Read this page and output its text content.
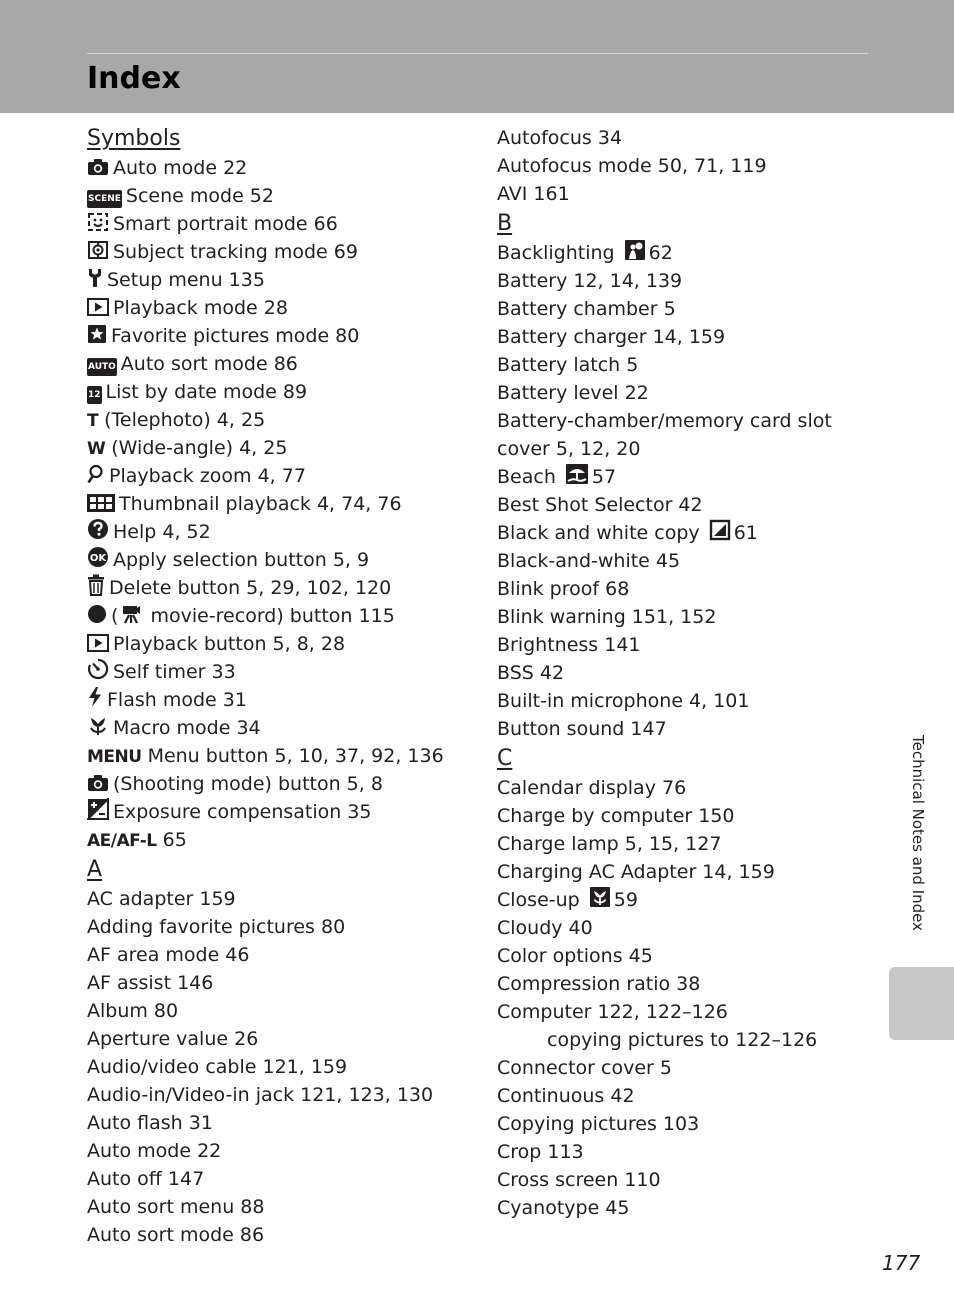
Index
Symbols
Auto mode 22
SCENE Scene mode 52
Smart portrait mode 66
Subject tracking mode 69
Setup menu 135
Playback mode 28
Favorite pictures mode 80
AUTO Auto sort mode 86
12 List by date mode 89
T (Telephoto) 4, 25
W (Wide-angle) 4, 25
Playback zoom 4, 77
Thumbnail playback 4, 74, 76
Help 4, 52
OK Apply selection button 5, 9
Delete button 5, 29, 102, 120
(
movie-record) button 115
Playback button 5, 8, 28
Self timer 33
Flash mode 31
Macro mode 34
MENU Menu button 5, 10, 37, 92, 136
(Shooting mode) button 5, 8
Exposure compensation 35
AE/AF-L 65
A
AC adapter 159
Adding favorite pictures 80
AF area mode 46
AF assist 146
Album 80
Aperture value 26
Audio/video cable 121, 159
Audio-in/Video-in jack 121, 123, 130
Auto flash 31
Auto mode 22
Auto off 147
Auto sort menu 88
Auto sort mode 86
Autofocus 34
Autofocus mode 50, 71, 119
AVI 161
B
Backlighting 62
Battery 12, 14, 139
Battery chamber 5
Battery charger 14, 159
Battery latch 5
Battery level 22
Battery-chamber/memory card slot cover 5, 12, 20
Beach 57
Best Shot Selector 42
Black and white copy 61
Black-and-white 45
Blink proof 68
Blink warning 151, 152
Brightness 141
BSS 42
Built-in microphone 4, 101
Button sound 147
C
Calendar display 76
Charge by computer 150
Charge lamp 5, 15, 127
Charging AC Adapter 14, 159
Close-up 59
Cloudy 40
Color options 45
Compression ratio 38
Computer 122, 122–126
copying pictures to 122–126
Connector cover 5
Continuous 42
Copying pictures 103
Crop 113
Cross screen 110
Cyanotype 45
Technical Notes and Index
177
